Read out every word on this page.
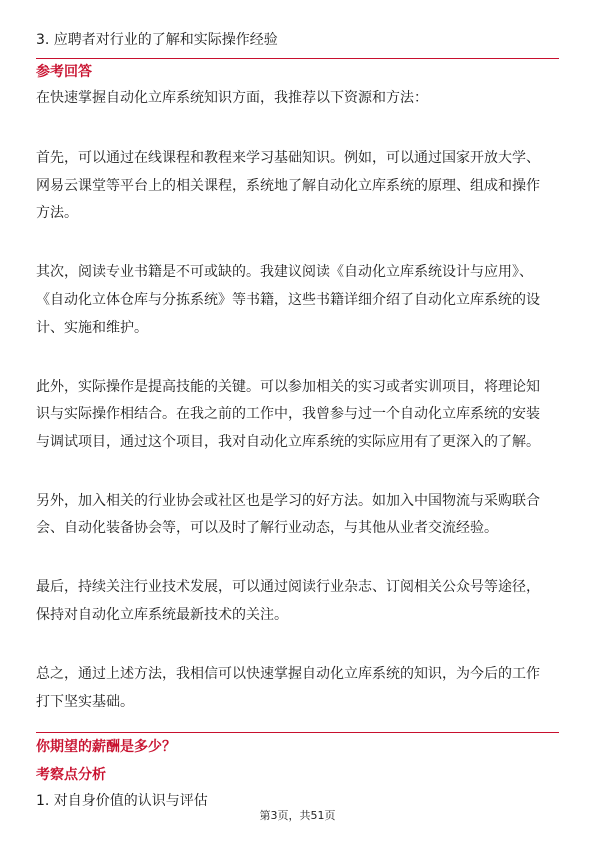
3. 应聘者对行业的了解和实际操作经验
参考回答
在快速掌握自动化立库系统知识方面，我推荐以下资源和方法：
首先，可以通过在线课程和教程来学习基础知识。例如，可以通过国家开放大学、
网易云课堂等平台上的相关课程，系统地了解自动化立库系统的原理、组成和操作
方法。
其次，阅读专业书籍是不可或缺的。我建议阅读《自动化立库系统设计与应用》、
《自动化立体仓库与分拣系统》等书籍，这些书籍详细介绍了自动化立库系统的设
计、实施和维护。
此外，实际操作是提高技能的关键。可以参加相关的实习或者实训项目，将理论知
识与实际操作相结合。在我之前的工作中，我曾参与过一个自动化立库系统的安装
与调试项目，通过这个项目，我对自动化立库系统的实际应用有了更深入的了解。
另外，加入相关的行业协会或社区也是学习的好方法。如加入中国物流与采购联合
会、自动化装备协会等，可以及时了解行业动态，与其他从业者交流经验。
最后，持续关注行业技术发展，可以通过阅读行业杂志、订阅相关公众号等途径，
保持对自动化立库系统最新技术的关注。
总之，通过上述方法，我相信可以快速掌握自动化立库系统的知识，为今后的工作
打下坚实基础。
你期望的薪酬是多少？
考察点分析
1. 对自身价值的认识与评估
第3页，共51页
